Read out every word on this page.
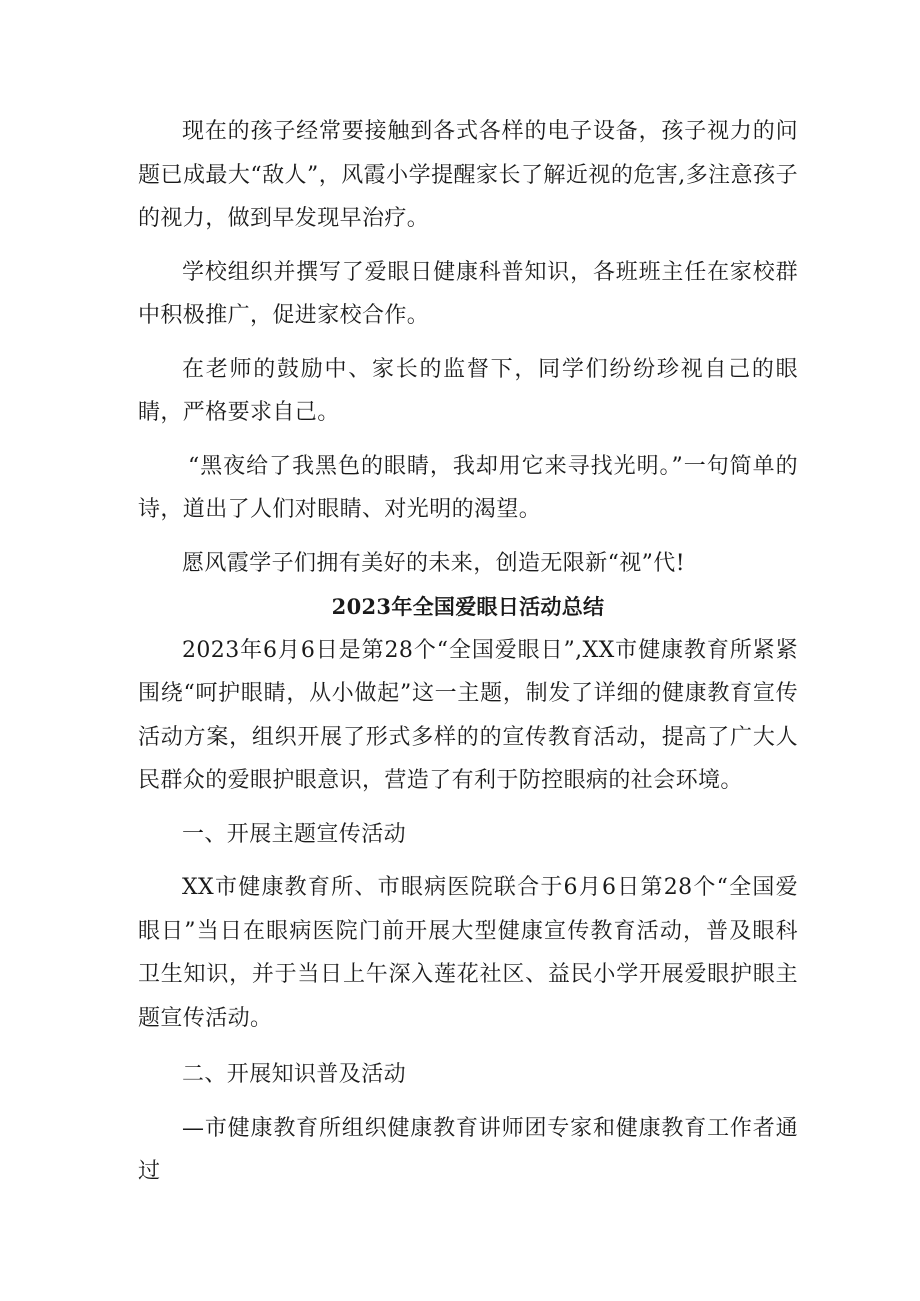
现在的孩子经常要接触到各式各样的电子设备，孩子视力的问题已成最大“敌人”，风霞小学提醒家长了解近视的危害,多注意孩子的视力，做到早发现早治疗。

学校组织并撰写了爱眼日健康科普知识，各班班主任在家校群中积极推广，促进家校合作。

在老师的鼓励中、家长的监督下，同学们纷纷珍视自己的眼睛，严格要求自己。

“黑夜给了我黑色的眼睛，我却用它来寻找光明。”一句简单的诗，道出了人们对眼睛、对光明的渴望。

愿风霞学子们拥有美好的未来，创造无限新“视”代!

2023年全国爱眼日活动总结

2023年6月6日是第28个“全国爱眼日”,XX市健康教育所紧紧围绕“呵护眼睛，从小做起”这一主题，制发了详细的健康教育宣传活动方案，组织开展了形式多样的的宣传教育活动，提高了广大人民群众的爱眼护眼意识，营造了有利于防控眼病的社会环境。

一、开展主题宣传活动

XX市健康教育所、市眼病医院联合于6月6日第28个“全国爱眼日”当日在眼病医院门前开展大型健康宣传教育活动，普及眼科卫生知识，并于当日上午深入莲花社区、益民小学开展爱眼护眼主题宣传活动。

二、开展知识普及活动

—市健康教育所组织健康教育讲师团专家和健康教育工作者通过
